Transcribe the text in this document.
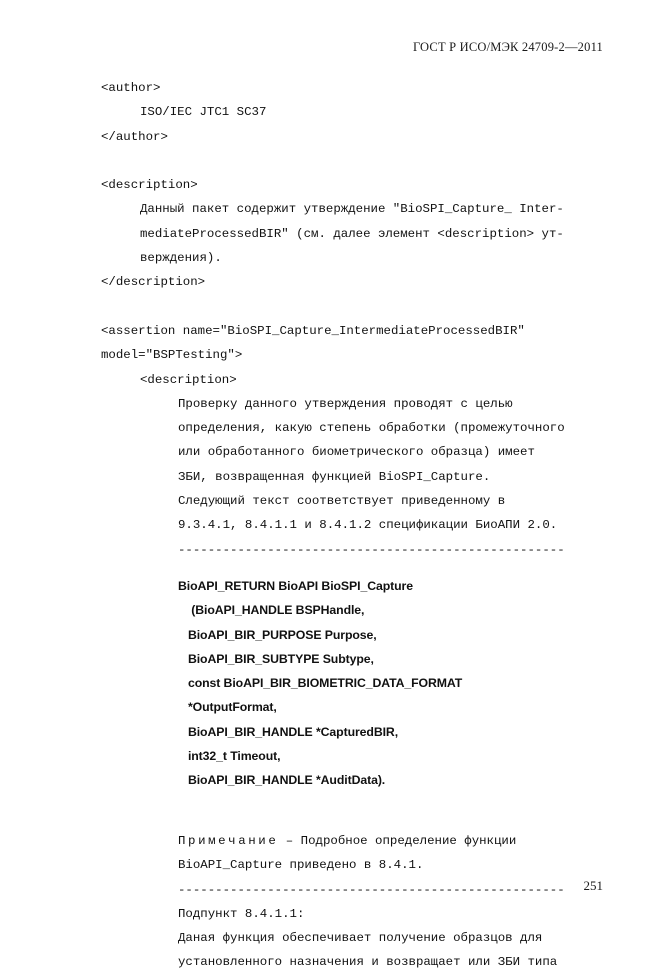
ГОСТ Р ИСО/МЭК 24709-2—2011
<author>
ISO/IEC JTC1 SC37
</author>
<description>
Данный пакет содержит утверждение "BioSPI_Capture_ Inter-
mediateProcessedBIR" (см. далее элемент <description> ут-
верждения).
</description>
<assertion name="BioSPI_Capture_IntermediateProcessedBIR"
model="BSPTesting">
<description>
Проверку данного утверждения проводят с целью
определения, какую степень обработки (промежуточного
или обработанного биометрического образца) имеет
ЗБИ, возвращенная функцией BioSPI_Capture.
Следующий текст соответствует приведенному в
9.3.4.1, 8.4.1.1 и 8.4.1.2 спецификации БиоАПИ 2.0.
----------------------------------------------------
BioAPI_RETURN BioAPI BioSPI_Capture
(BioAPI_HANDLE BSPHandle,
BioAPI_BIR_PURPOSE Purpose,
BioAPI_BIR_SUBTYPE Subtype,
const BioAPI_BIR_BIOMETRIC_DATA_FORMAT
*OutputFormat,
BioAPI_BIR_HANDLE *CapturedBIR,
int32_t Timeout,
BioAPI_BIR_HANDLE *AuditData).
Примечание – Подробное определение функции
BioAPI_Capture приведено в 8.4.1.
----------------------------------------------------
Подпункт 8.4.1.1:
Даная функция обеспечивает получение образцов для
установленного назначения и возвращает или ЗБИ типа
251
